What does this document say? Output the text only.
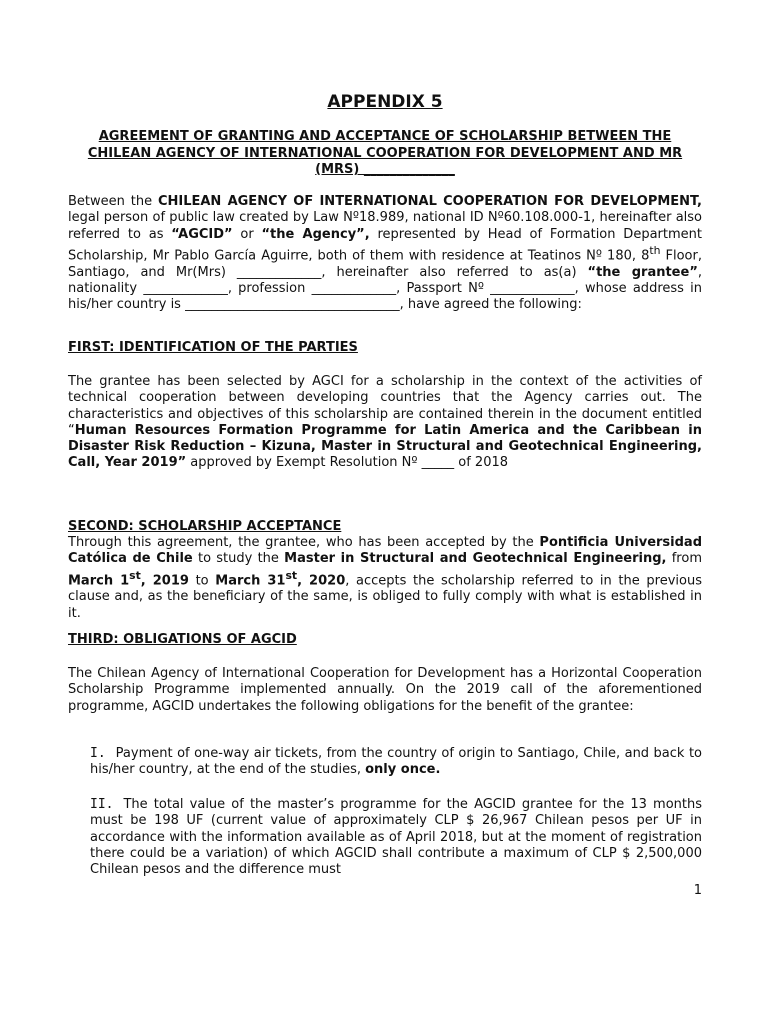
APPENDIX 5
AGREEMENT OF GRANTING AND ACCEPTANCE OF SCHOLARSHIP BETWEEN THE CHILEAN AGENCY OF INTERNATIONAL COOPERATION FOR DEVELOPMENT AND MR (MRS) ______________
Between the CHILEAN AGENCY OF INTERNATIONAL COOPERATION FOR DEVELOPMENT, legal person of public law created by Law Nº18.989, national ID Nº60.108.000-1, hereinafter also referred to as “AGCID” or “the Agency”, represented by Head of Formation Department Scholarship, Mr Pablo García Aguirre, both of them with residence at Teatinos Nº 180, 8th Floor, Santiago, and Mr(Mrs) _____________, hereinafter also referred to as(a) “the grantee”, nationality _____________, profession _____________, Passport Nº _____________, whose address in his/her country is _________________________________, have agreed the following:
FIRST: IDENTIFICATION OF THE PARTIES
The grantee has been selected by AGCI for a scholarship in the context of the activities of technical cooperation between developing countries that the Agency carries out. The characteristics and objectives of this scholarship are contained therein in the document entitled “Human Resources Formation Programme for Latin America and the Caribbean in Disaster Risk Reduction – Kizuna, Master in Structural and Geotechnical Engineering, Call, Year 2019” approved by Exempt Resolution Nº _____ of 2018
SECOND: SCHOLARSHIP ACCEPTANCE
Through this agreement, the grantee, who has been accepted by the Pontificia Universidad Católica de Chile to study the Master in Structural and Geotechnical Engineering, from March 1st, 2019 to March 31st, 2020, accepts the scholarship referred to in the previous clause and, as the beneficiary of the same, is obliged to fully comply with what is established in it.
THIRD: OBLIGATIONS OF AGCID
The Chilean Agency of International Cooperation for Development has a Horizontal Cooperation Scholarship Programme implemented annually. On the 2019 call of the aforementioned programme, AGCID undertakes the following obligations for the benefit of the grantee:
I. Payment of one-way air tickets, from the country of origin to Santiago, Chile, and back to his/her country, at the end of the studies, only once.
II. The total value of the master’s programme for the AGCID grantee for the 13 months must be 198 UF (current value of approximately CLP $ 26,967 Chilean pesos per UF in accordance with the information available as of April 2018, but at the moment of registration there could be a variation) of which AGCID shall contribute a maximum of CLP $ 2,500,000 Chilean pesos and the difference must
1
